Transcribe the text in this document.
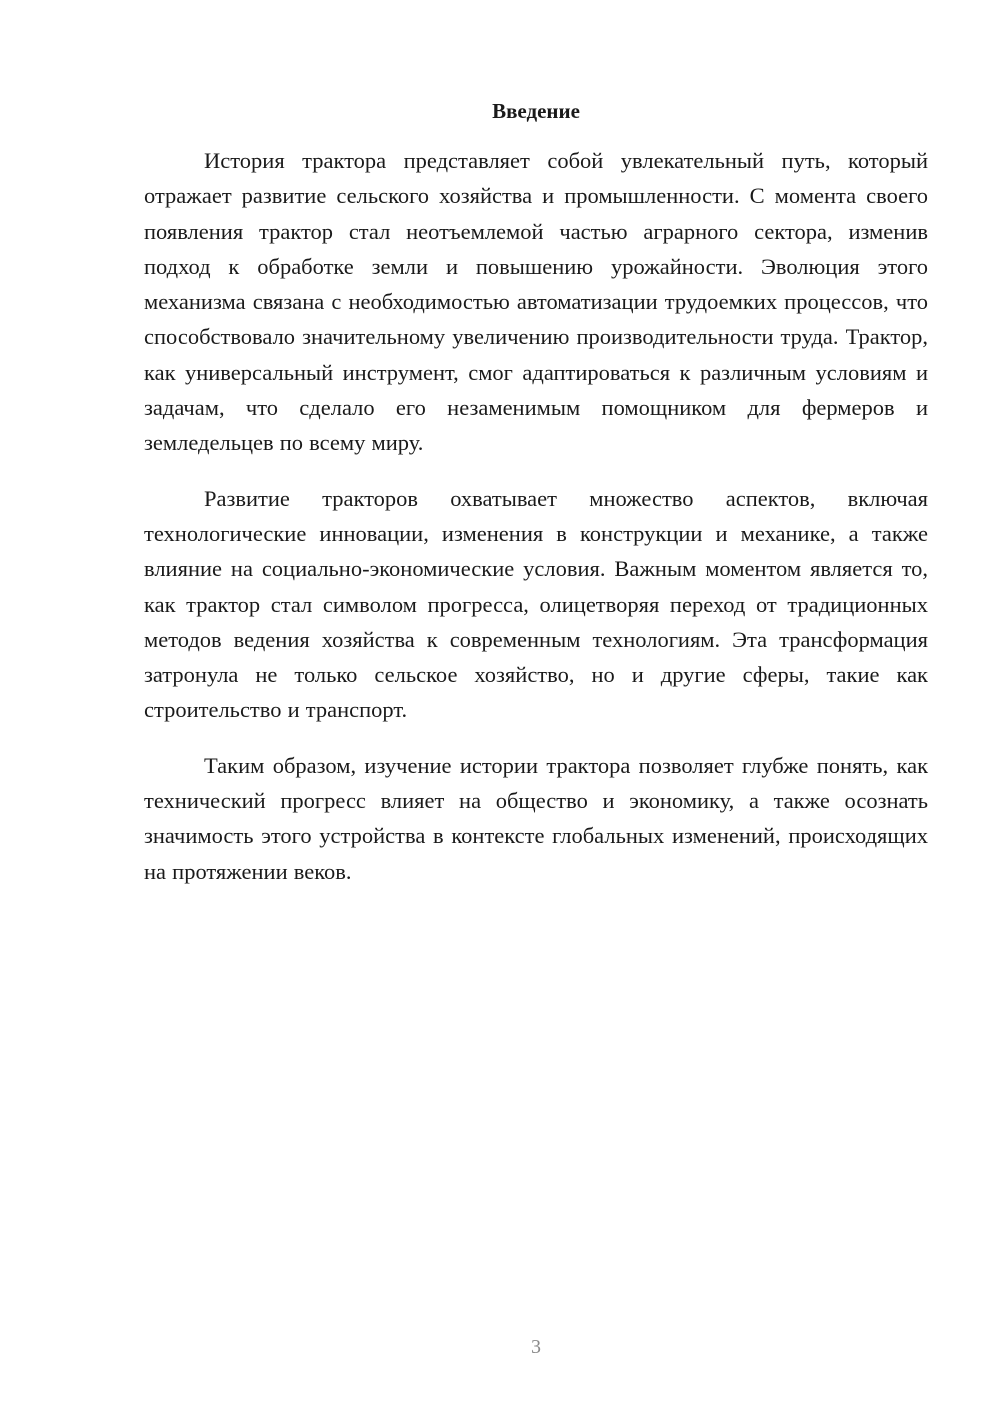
Введение

История трактора представляет собой увлекательный путь, который отражает развитие сельского хозяйства и промышленности. С момента своего появления трактор стал неотъемлемой частью аграрного сектора, изменив подход к обработке земли и повышению урожайности. Эволюция этого механизма связана с необходимостью автоматизации трудоемких процессов, что способствовало значительному увеличению производительности труда. Трактор, как универсальный инструмент, смог адаптироваться к различным условиям и задачам, что сделало его незаменимым помощником для фермеров и земледельцев по всему миру.

Развитие тракторов охватывает множество аспектов, включая технологические инновации, изменения в конструкции и механике, а также влияние на социально-экономические условия. Важным моментом является то, как трактор стал символом прогресса, олицетворяя переход от традиционных методов ведения хозяйства к современным технологиям. Эта трансформация затронула не только сельское хозяйство, но и другие сферы, такие как строительство и транспорт.

Таким образом, изучение истории трактора позволяет глубже понять, как технический прогресс влияет на общество и экономику, а также осознать значимость этого устройства в контексте глобальных изменений, происходящих на протяжении веков.

3
